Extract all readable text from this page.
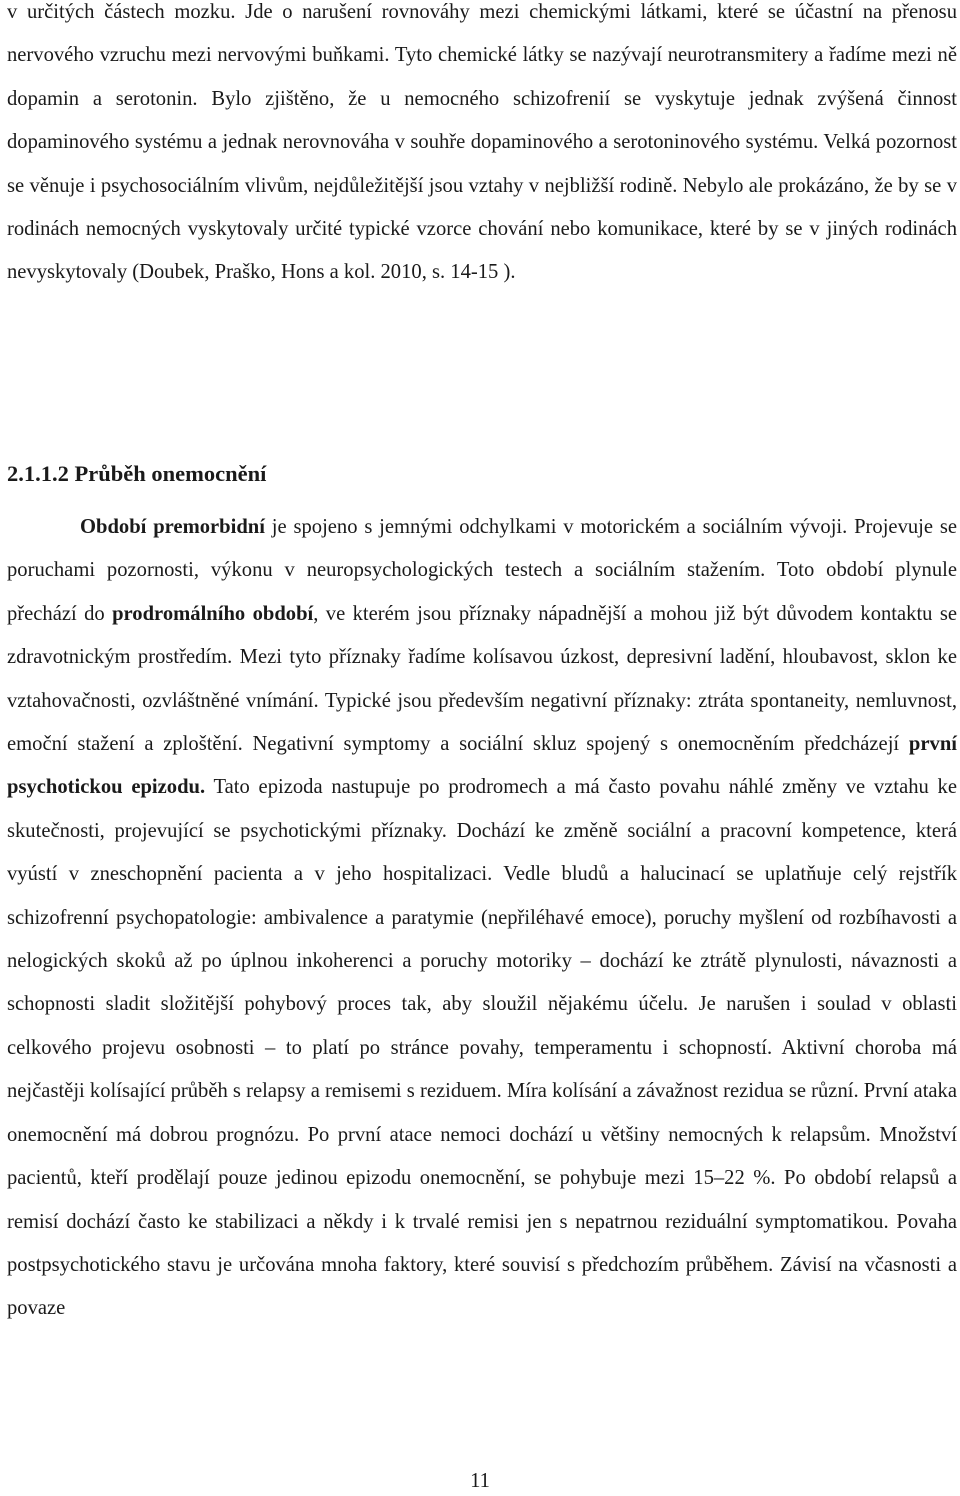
v určitých částech mozku. Jde o narušení rovnováhy mezi chemickými látkami, které se účastní na přenosu nervového vzruchu mezi nervovými buňkami. Tyto chemické látky se nazývají neurotransmitery a řadíme mezi ně dopamin a serotonin. Bylo zjištěno, že u nemocného schizofrenií se vyskytuje jednak zvýšená činnost dopaminového systému a jednak nerovnováha v souhře dopaminového a serotoninového systému. Velká pozornost se věnuje i psychosociálním vlivům, nejdůležitější jsou vztahy v nejbližší rodině. Nebylo ale prokázáno, že by se v rodinách nemocných vyskytovaly určité typické vzorce chování nebo komunikace, které by se v jiných rodinách nevyskytovaly (Doubek, Praško, Hons a kol. 2010, s. 14-15 ).

2.1.1.2 Průběh onemocnění

Období premorbidní je spojeno s jemnými odchylkami v motorickém a sociálním vývoji. Projevuje se poruchami pozornosti, výkonu v neuropsychologických testech a sociálním stažením. Toto období plynule přechází do prodromálního období, ve kterém jsou příznaky nápadnější a mohou již být důvodem kontaktu se zdravotnickým prostředím. Mezi tyto příznaky řadíme kolísavou úzkost, depresivní ladění, hloubavost, sklon ke vztahovačnosti, ozvláštněné vnímání. Typické jsou především negativní příznaky: ztráta spontaneity, nemluvnost, emoční stažení a zploštění. Negativní symptomy a sociální skluz spojený s onemocněním předcházejí první psychotickou epizodu. Tato epizoda nastupuje po prodromech a má často povahu náhlé změny ve vztahu ke skutečnosti, projevující se psychotickými příznaky. Dochází ke změně sociální a pracovní kompetence, která vyústí v zneschopnění pacienta a v jeho hospitalizaci. Vedle bludů a halucinací se uplatňuje celý rejstřík schizofrenní psychopatologie: ambivalence a paratymie (nepřiléhavé emoce), poruchy myšlení od rozbíhavosti a nelogických skoků až po úplnou inkoherenci a poruchy motoriky – dochází ke ztrátě plynulosti, návaznosti a schopnosti sladit složitější pohybový proces tak, aby sloužil nějakému účelu. Je narušen i soulad v oblasti celkového projevu osobnosti – to platí po stránce povahy, temperamentu i schopností. Aktivní choroba má nejčastěji kolísající průběh s relapsy a remisemi s reziduem. Míra kolísání a závažnost rezidua se různí. První ataka onemocnění má dobrou prognózu. Po první atace nemoci dochází u většiny nemocných k relapsům. Množství pacientů, kteří prodělají pouze jedinou epizodu onemocnění, se pohybuje mezi 15–22 %. Po období relapsů a remisí dochází často ke stabilizaci a někdy i k trvalé remisi jen s nepatrnou reziduální symptomatikou. Povaha postpsychotického stavu je určována mnoha faktory, které souvisí s předchozím průběhem. Závisí na včasnosti a povaze

11
